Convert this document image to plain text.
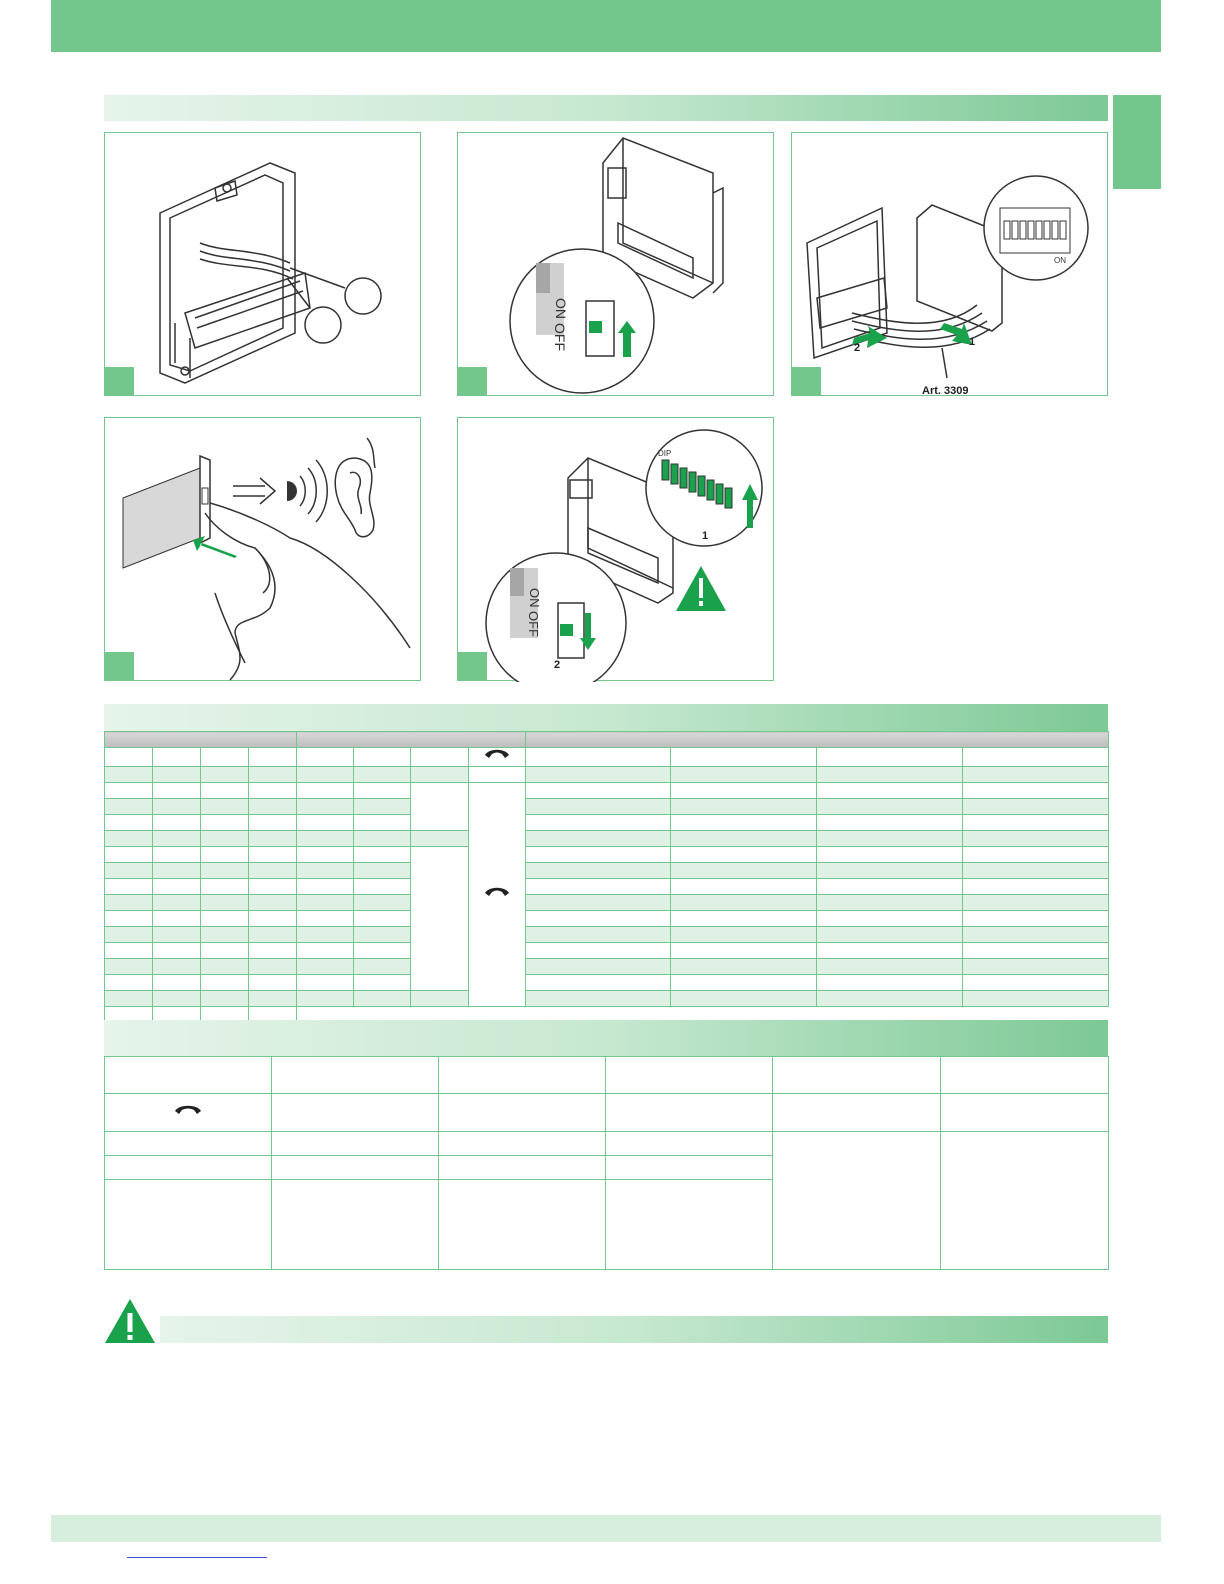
ON
OFF
ON
1
2
Art. 3309
DIP
1
ON
OFF
2
